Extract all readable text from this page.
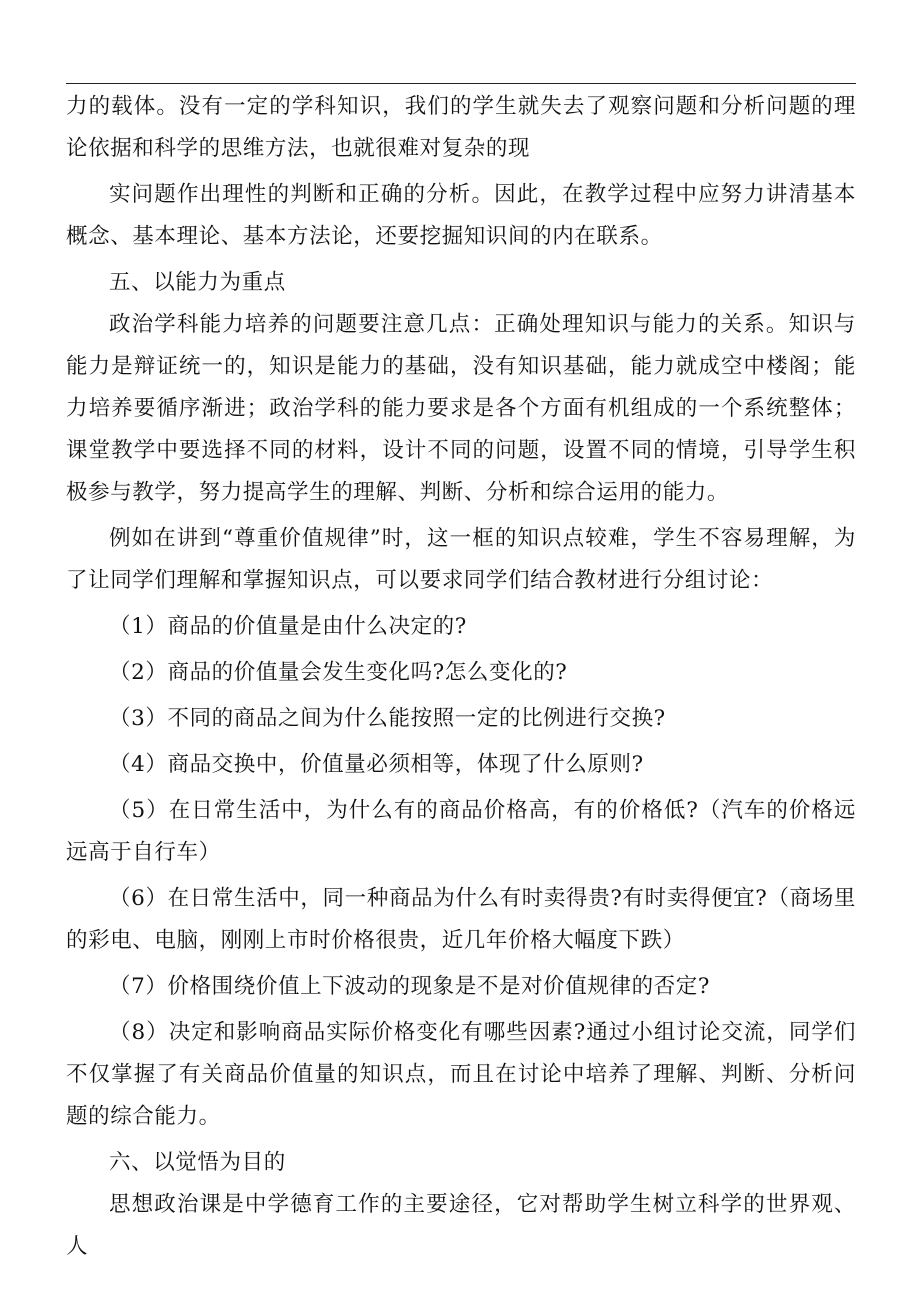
力的载体。没有一定的学科知识，我们的学生就失去了观察问题和分析问题的理论依据和科学的思维方法，也就很难对复杂的现

实问题作出理性的判断和正确的分析。因此，在教学过程中应努力讲清基本概念、基本理论、基本方法论，还要挖掘知识间的内在联系。

五、以能力为重点

政治学科能力培养的问题要注意几点：正确处理知识与能力的关系。知识与能力是辩证统一的，知识是能力的基础，没有知识基础，能力就成空中楼阁；能力培养要循序渐进；政治学科的能力要求是各个方面有机组成的一个系统整体；课堂教学中要选择不同的材料，设计不同的问题，设置不同的情境，引导学生积极参与教学，努力提高学生的理解、判断、分析和综合运用的能力。

例如在讲到“尊重价值规律”时，这一框的知识点较难，学生不容易理解，为了让同学们理解和掌握知识点，可以要求同学们结合教材进行分组讨论：

（1）商品的价值量是由什么决定的?

（2）商品的价值量会发生变化吗?怎么变化的?

（3）不同的商品之间为什么能按照一定的比例进行交换?

（4）商品交换中，价值量必须相等，体现了什么原则?

（5）在日常生活中，为什么有的商品价格高，有的价格低?（汽车的价格远远高于自行车）

（6）在日常生活中，同一种商品为什么有时卖得贵?有时卖得便宜?（商场里的彩电、电脑，刚刚上市时价格很贵，近几年价格大幅度下跌）

（7）价格围绕价值上下波动的现象是不是对价值规律的否定?

（8）决定和影响商品实际价格变化有哪些因素?通过小组讨论交流，同学们不仅掌握了有关商品价值量的知识点，而且在讨论中培养了理解、判断、分析问题的综合能力。

六、以觉悟为目的

思想政治课是中学德育工作的主要途径，它对帮助学生树立科学的世界观、人
